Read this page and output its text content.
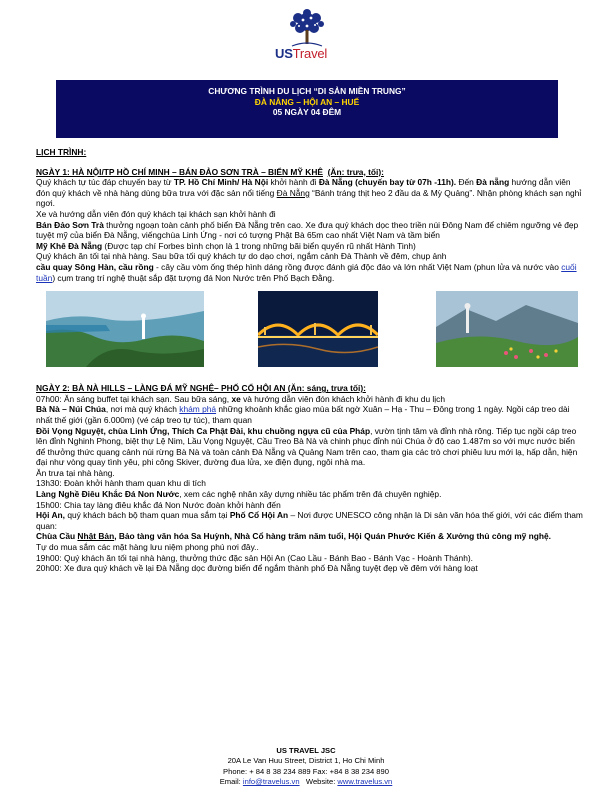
USTravel
CHƯƠNG TRÌNH DU LỊCH “DI SẢN MIỀN TRUNG”
ĐÀ NẴNG – HỘI AN – HUẾ
05 NGÀY 04 ĐÊM

LỊCH TRÌNH:

NGÀY 1: HÀ NỘI/TP HỒ CHÍ MINH – BÁN ĐẢO SƠN TRÀ – BIỂN MỸ KHÊ (Ăn: trưa, tối):

Quý khách tự túc đáp chuyến bay từ TP. Hồ Chí Minh/ Hà Nội khởi hành đi Đà Nẵng (chuyến bay từ 07h -11h). Đến Đà nẵng hướng dẫn viên đón quý khách về nhà hàng dùng bữa trưa với đặc sản nổi tiếng Đà Nẵng “Bánh tráng thịt heo 2 đầu da & Mỳ Quảng”. Nhận phòng khách sạn nghỉ ngơi.

Xe và hướng dẫn viên đón quý khách tại khách sạn khởi hành đi

Bán Đảo Sơn Trà thưởng ngoạn toàn cảnh phố biển Đà Nẵng trên cao. Xe đưa quý khách dọc theo triền núi Đông Nam để chiêm ngưỡng vẻ đẹp tuyệt mỹ của biển Đà Nẵng, viếngchùa Linh Ứng - nơi có tượng Phật Bà 65m cao nhất Việt Nam và tầm biển

Mỹ Khê Đà Nẵng (Được tạp chí Forbes bình chọn là 1 trong những bãi biển quyến rũ nhất Hành Tinh)

Quý khách ăn tối tại nhà hàng. Sau bữa tối quý khách tự do dạo chơi, ngắm cảnh Đà Thành về đêm, chụp ảnh

cầu quay Sông Hàn, cầu rồng - cây cầu vòm ống thép hình dáng rồng được đánh giá độc đáo và lớn nhất Việt Nam (phun lửa và nước vào cuối tuần) cụm trang trí nghệ thuật sắp đặt tượng đá Non Nước trên Phố Bạch Đằng.

NGÀY 2: BÀ NÀ HILLS – LÀNG ĐÁ MỸ NGHỆ– PHỐ CỔ HỘI AN (Ăn: sáng, trưa tối):

07h00: Ăn sáng buffet tại khách sạn. Sau bữa sáng, xe và hướng dẫn viên đón khách khởi hành đi khu du lịch

Bà Nà – Núi Chúa, nơi mà quý khách khám phá những khoảnh khắc giao mùa bất ngờ Xuân – Hạ - Thu – Đông trong 1 ngày. Ngồi cáp treo dài nhất thế giới (gần 6.000m) (vé cáp treo tự túc), tham quan

Đồi Vọng Nguyệt, chùa Linh Ứng, Thích Ca Phật Đài, khu chuồng ngựa cũ của Pháp, vườn tịnh tâm và đỉnh nhà rông. Tiếp tục ngồi cáp treo lên đỉnh Nghinh Phong, biệt thự Lệ Nim, Lầu Vọng Nguyệt, Cầu Treo Bà Nà và chinh phục đỉnh núi Chúa ở độ cao 1.487m so với mực nước biển để thưởng thức quang cảnh núi rừng Bà Nà và toàn cảnh Đà Nẵng và Quảng Nam trên cao, tham gia các trò chơi phiêu lưu mới lạ, hấp dẫn, hiện đại như vòng quay tình yêu, phi công Skiver, đường đua lửa, xe điện đụng, ngôi nhà ma.

Ăn trưa tại nhà hàng.

13h30: Đoàn khởi hành tham quan khu di tích

Làng Nghề Điêu Khắc Đá Non Nước, xem các nghệ nhân xây dựng nhiều tác phẩm trên đá chuyên nghiệp.

15h00: Chia tay làng điêu khắc đá Non Nước đoàn khởi hành đến

Hội An, quý khách bách bộ tham quan mua sắm tại Phố Cổ Hội An – Nơi được UNESCO công nhận là Di sản văn hóa thế giới, với các điểm tham quan:

Chùa Cầu Nhật Bản, Bảo tàng văn hóa Sa Huỳnh, Nhà Cổ hàng trăm năm tuổi, Hội Quán Phước Kiến & Xưởng thủ công mỹ nghệ.

Tự do mua sắm các mặt hàng lưu niệm phong phú nơi đây..

19h00: Quý khách ăn tối tại nhà hàng, thưởng thức đặc sản Hội An (Cao Lầu - Bánh Bao - Bánh Vạc - Hoành Thánh).

20h00: Xe đưa quý khách về lại Đà Nẵng dọc đường biển để ngắm thành phố Đà Nẵng tuyệt đẹp về đêm với hàng loạt

US TRAVEL JSC
20A Le Van Huu Street, District 1, Ho Chi Minh
Phone: + 84 8 38 234 889 Fax: +84 8 38 234 890
Email: info@travelus.vn   Website: www.travelus.vn
